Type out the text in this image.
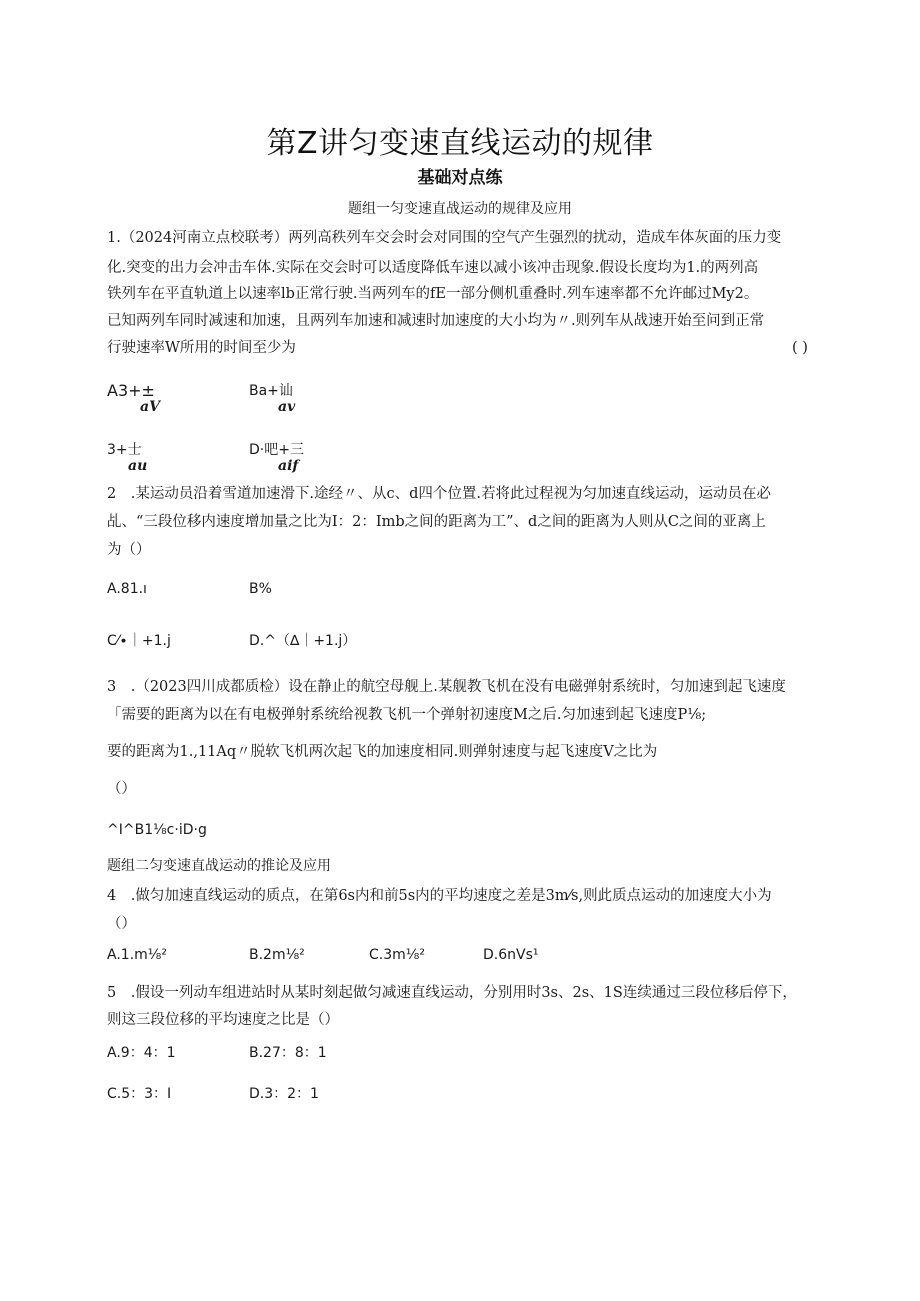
第Z讲匀变速直线运动的规律
基础对点练
题组一匀变速直战运动的规律及应用
1.（2024河南立点校联考）两列高秩列车交会时会对同围的空气产生强烈的扰动，造成车体灰面的压力变
化.突变的出力会冲击车体.实际在交会时可以适度降低车速以减小该冲击现象.假设长度均为1.的两列高
铁列车在平直轨道上以速率lb正常行驶.当两列车的fE一部分侧机重叠时.列车速率都不允许邮过My2。
已知两列车同时减速和加速，且两列车加速和减速时加速度的大小均为〃.则列车从战速开始至问到正常
行驶速率W所用的时间至少为	( )
A3+±
aV
Ba+讪
av
3+士
au
D·吧+三
aif
2　.某运动员沿着雪道加速滑下.途经〃、从c、d四个位置.若将此过程视为匀加速直线运动，运动员在必
乩、“三段位移内速度增加量之比为I：2：Imb之间的距离为工”、d之间的距离为人则从C之间的亚离上
为（）
A.81.ı	B%
C⁄∙｜+1.j	D.^（∆｜+1.j）
3　.（2023四川成都质检）设在静止的航空母舰上.某舰教飞机在没有电磁弹射系统时，匀加速到起飞速度
「需要的距离为以在有电极弹射系统给视教飞机一个弹射初速度M之后.匀加速到起飞速度P⅛;
要的距离为1.,11Aq〃脱软飞机两次起飞的加速度相同.则弹射速度与起飞速度V之比为
（）
^I^B1⅛c·iD·g
题组二匀变速直战运动的推论及应用
4　.做匀加速直线运动的质点，在第6s内和前5s内的平均速度之差是3m⁄s,则此质点运动的加速度大小为
（）
A.1.m⅛²	B.2m⅛²	C.3m⅛²	D.6nVs¹
5　.假设一列动车组进站时从某时刻起做匀减速直线运动，分别用时3s、2s、1S连续通过三段位移后停下，
则这三段位移的平均速度之比是（）
A.9：4：1	B.27：8：1
C.5：3：I	D.3：2：1
